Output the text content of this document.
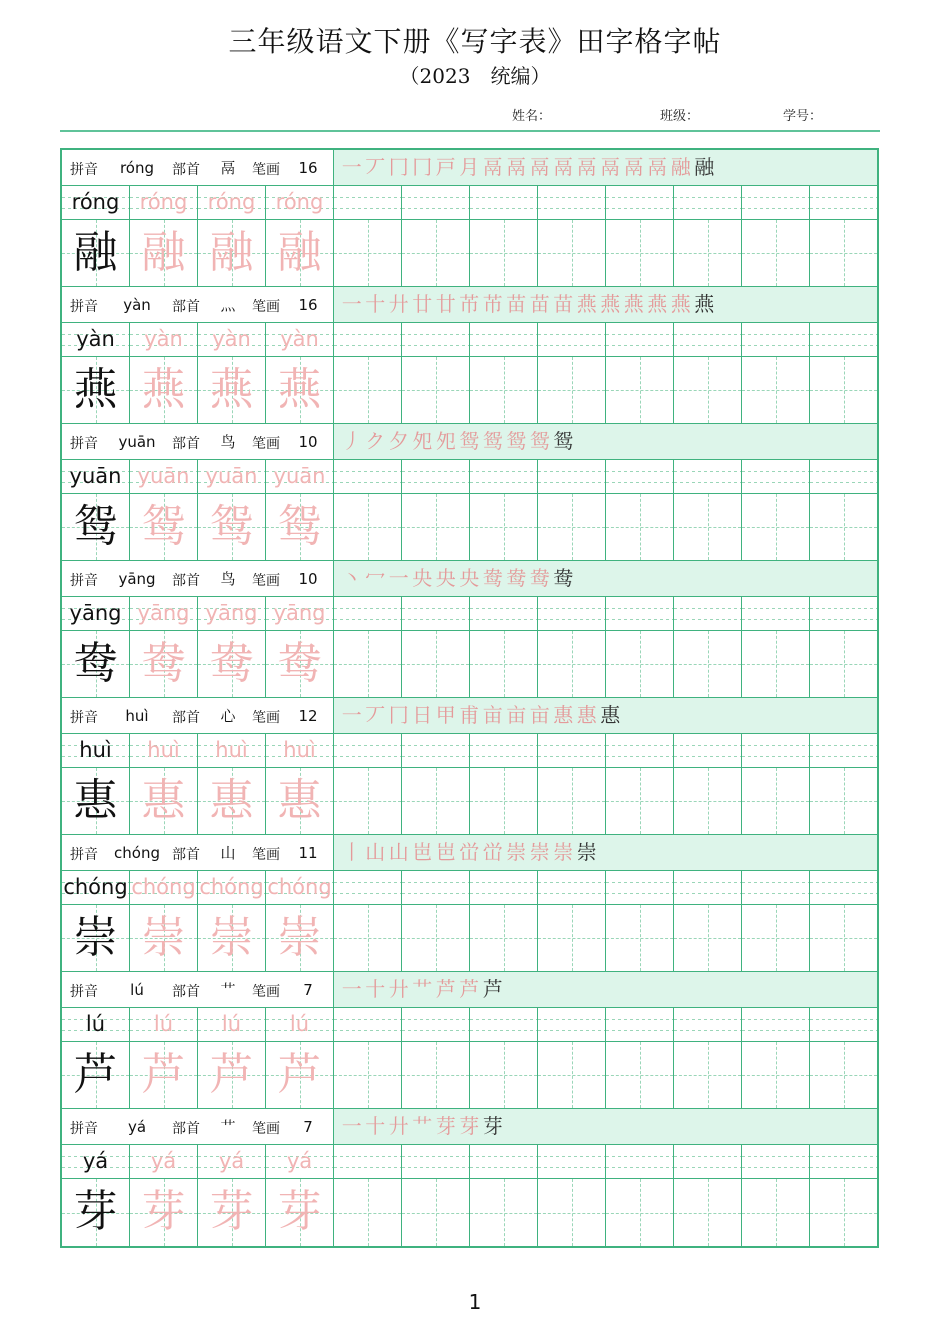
三年级语文下册《写字表》田字格字帖
（2023　统编）
姓名：	班级：	学号：
拼音	róng	部首	鬲	笔画	16	一 丆 冂 冂 戸 月 鬲 鬲 鬲 鬲 鬲 鬲 鬲 鬲 融 融
róng róng róng róng
融 融 融 融
拼音	yàn	部首	灬	笔画	16	一 十 廾 廿 廿 芇 芇 苗 苗 苗 燕 燕 燕 燕 燕 燕
yàn	yàn	yàn	yàn
燕 燕 燕 燕
拼音	yuān	部首	鸟	笔画	10	丿 ク 夕 夗 夗 鸳 鸳 鸳 鸳 鸳
yuān yuān yuān yuān
鸳 鸳 鸳 鸳
拼音	yāng	部首	鸟	笔画	10	丶 冖 一 央 央 央 鸯 鸯 鸯 鸯
yāng yāng yāng yāng
鸯 鸯 鸯 鸯
拼音	huì	部首	心	笔画	12	一 丆 冂 日 甲 甫 亩 亩 亩 惠 惠 惠
huì	huì	huì	huì
惠 惠 惠 惠
拼音	chóng 部首	山	笔画	11	丨 山 山 岜 岜 峃 峃 崇 崇 崇 崇
chóng chóng chóng chóng
崇 崇 崇 崇
拼音	lú	部首	艹	笔画	7	一 十 廾 艹 芦 芦 芦
lú	lú	lú	lú
芦 芦 芦 芦
拼音	yá	部首	艹	笔画	7	一 十 廾 艹 芽 芽 芽
yá	yá	yá	yá
芽 芽 芽 芽
1
